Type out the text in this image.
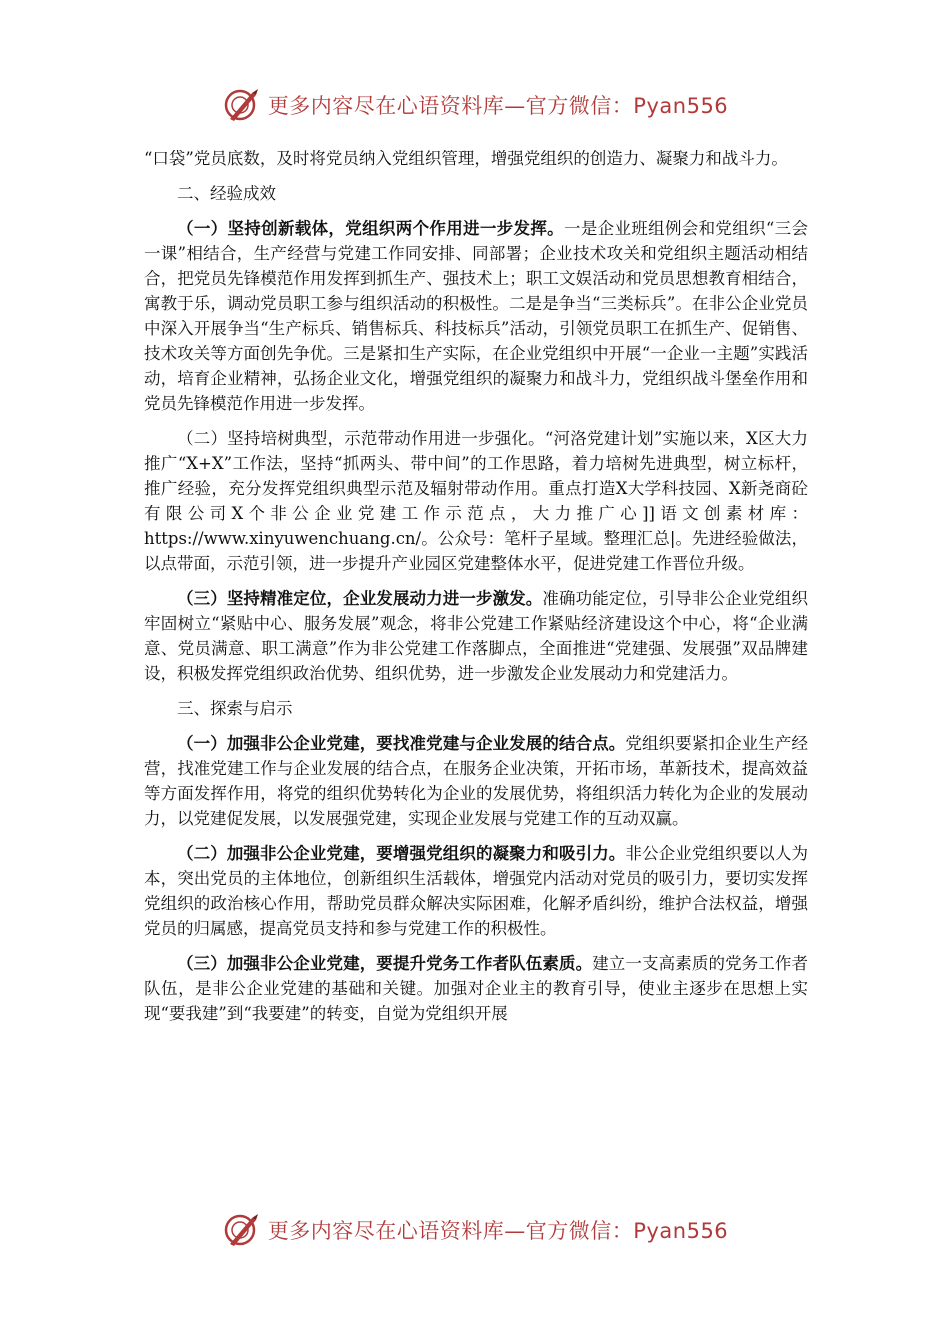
更多内容尽在心语资料库—官方微信：Pyan556

“口袋”党员底数，及时将党员纳入党组织管理，增强党组织的创造力、凝聚力和战斗力。

二、经验成效

（一）坚持创新载体，党组织两个作用进一步发挥。一是企业班组例会和党组织“三会一课”相结合，生产经营与党建工作同安排、同部署；企业技术攻关和党组织主题活动相结合，把党员先锋模范作用发挥到抓生产、强技术上；职工文娱活动和党员思想教育相结合，寓教于乐，调动党员职工参与组织活动的积极性。二是是争当“三类标兵”。在非公企业党员中深入开展争当“生产标兵、销售标兵、科技标兵”活动，引领党员职工在抓生产、促销售、技术攻关等方面创先争优。三是紧扣生产实际，在企业党组织中开展“一企业一主题”实践活动，培育企业精神，弘扬企业文化，增强党组织的凝聚力和战斗力，党组织战斗堡垒作用和党员先锋模范作用进一步发挥。

（二）坚持培树典型，示范带动作用进一步强化。“河洛党建计划”实施以来，X区大力推广“X+X”工作法，坚持“抓两头、带中间”的工作思路，着力培树先进典型，树立标杆，推广经验，充分发挥党组织典型示范及辐射带动作用。重点打造X大学科技园、X新尧商砼有限公司X个非公企业党建工作示范点，大力推广心]]语文创素材库：https://www.xinyuwenchuang.cn/。公众号：笔杆子星域。整理汇总|。先进经验做法，以点带面，示范引领，进一步提升产业园区党建整体水平，促进党建工作晋位升级。

（三）坚持精准定位，企业发展动力进一步激发。准确功能定位，引导非公企业党组织牢固树立“紧贴中心、服务发展”观念，将非公党建工作紧贴经济建设这个中心，将“企业满意、党员满意、职工满意”作为非公党建工作落脚点，全面推进“党建强、发展强”双品牌建设，积极发挥党组织政治优势、组织优势，进一步激发企业发展动力和党建活力。

三、探索与启示

（一）加强非公企业党建，要找准党建与企业发展的结合点。党组织要紧扣企业生产经营，找准党建工作与企业发展的结合点，在服务企业决策，开拓市场，革新技术，提高效益等方面发挥作用，将党的组织优势转化为企业的发展优势，将组织活力转化为企业的发展动力，以党建促发展，以发展强党建，实现企业发展与党建工作的互动双赢。

（二）加强非公企业党建，要增强党组织的凝聚力和吸引力。非公企业党组织要以人为本，突出党员的主体地位，创新组织生活载体，增强党内活动对党员的吸引力，要切实发挥党组织的政治核心作用，帮助党员群众解决实际困难，化解矛盾纠纷，维护合法权益，增强党员的归属感，提高党员支持和参与党建工作的积极性。

（三）加强非公企业党建，要提升党务工作者队伍素质。建立一支高素质的党务工作者队伍，是非公企业党建的基础和关键。加强对企业主的教育引导，使业主逐步在思想上实现“要我建”到“我要建”的转变，自觉为党组织开展

更多内容尽在心语资料库—官方微信：Pyan556
